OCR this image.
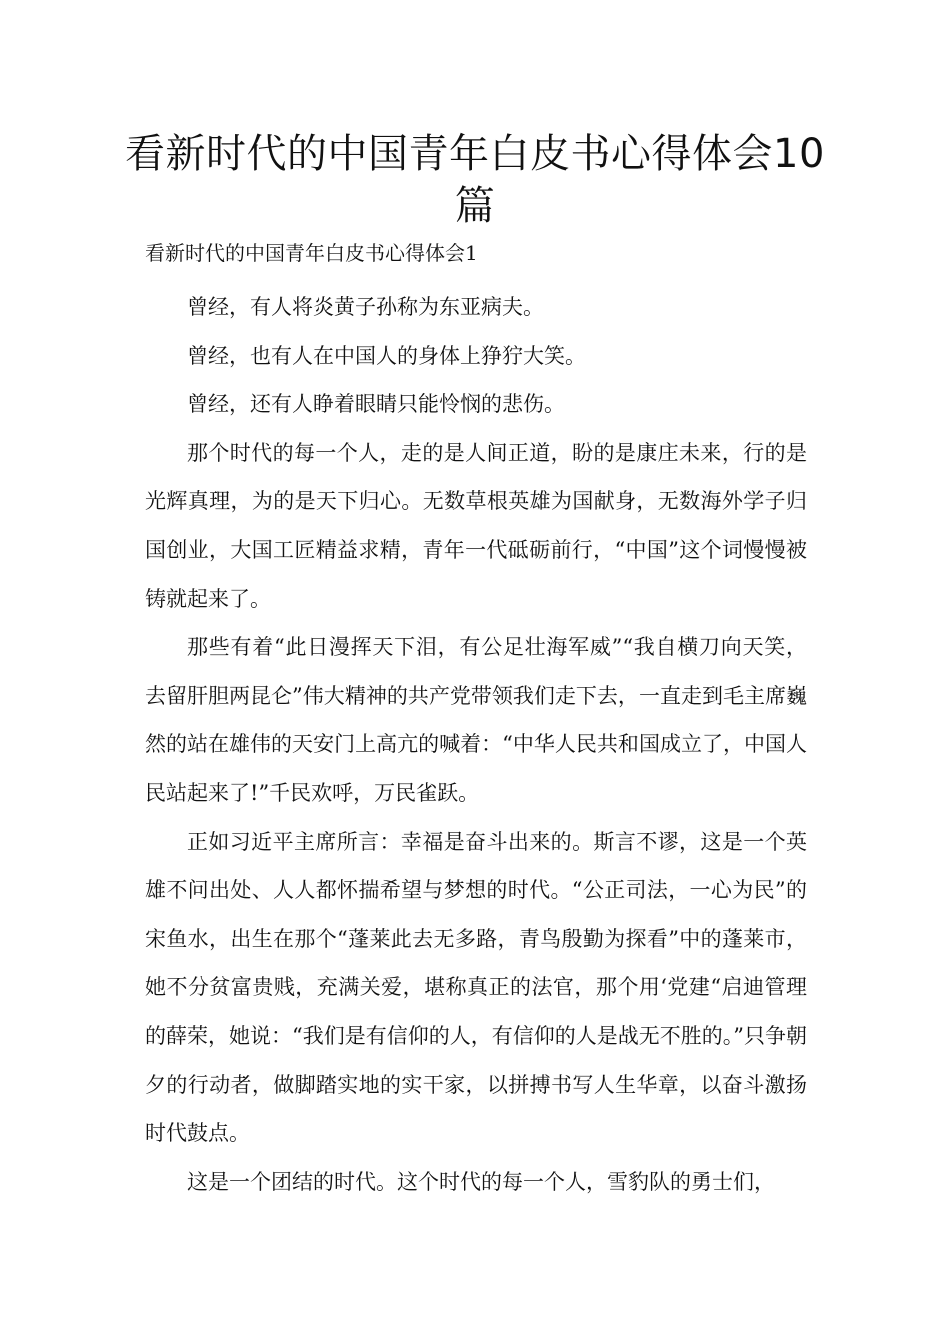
看新时代的中国青年白皮书心得体会10篇
看新时代的中国青年白皮书心得体会1

曾经，有人将炎黄子孙称为东亚病夫。

曾经，也有人在中国人的身体上狰狞大笑。

曾经，还有人睁着眼睛只能怜悯的悲伤。

那个时代的每一个人，走的是人间正道，盼的是康庄未来，行的是光辉真理，为的是天下归心。无数草根英雄为国献身，无数海外学子归国创业，大国工匠精益求精，青年一代砥砺前行，“中国”这个词慢慢被铸就起来了。

那些有着“此日漫挥天下泪，有公足壮海军威”“我自横刀向天笑，去留肝胆两昆仑”伟大精神的共产党带领我们走下去，一直走到毛主席巍然的站在雄伟的天安门上高亢的喊着：“中华人民共和国成立了，中国人民站起来了!”千民欢呼，万民雀跃。

正如习近平主席所言：幸福是奋斗出来的。斯言不谬，这是一个英雄不问出处、人人都怀揣希望与梦想的时代。“公正司法，一心为民”的宋鱼水，出生在那个“蓬莱此去无多路，青鸟殷勤为探看”中的蓬莱市，她不分贫富贵贱，充满关爱，堪称真正的法官，那个用‘党建“启迪管理的薛荣，她说：“我们是有信仰的人，有信仰的人是战无不胜的。”只争朝夕的行动者，做脚踏实地的实干家，以拼搏书写人生华章，以奋斗激扬时代鼓点。

这是一个团结的时代。这个时代的每一个人，雪豹队的勇士们，
